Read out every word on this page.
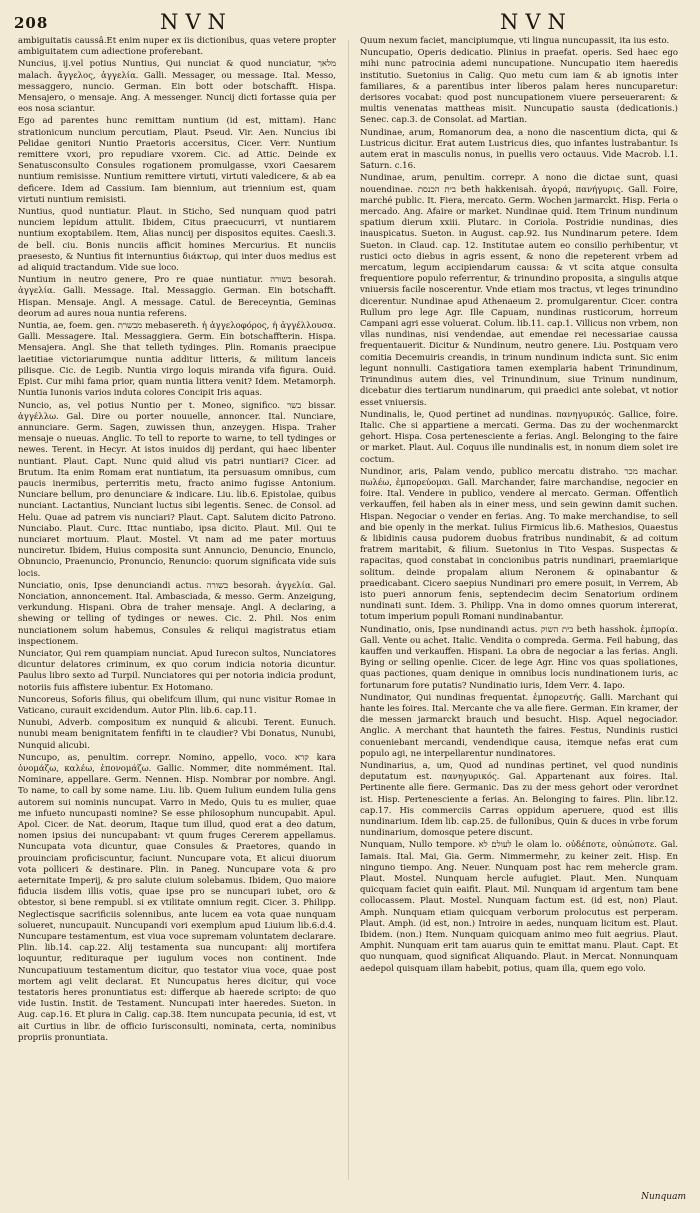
208	NVN	NVN

ambiguitatis caussâ.Et enim nuper ex iis dictionibus, quas vetere propter ambiguitatem cum adiectione proferebant.

Nuncius, ij.vel potius Nuntius, Qui nunciat & quod nunciatur, מלאך malach. ἄγγελος, ἀγγελία. Galli. Messager, ou message. Ital. Messo, messaggero, nuncio. German. Ein bott oder botschafft. Hispa. Mensajero, o mensaje. Ang. A messenger. Nuncij dicti fortasse quia per eos nosa sciantur.

Ego ad parentes hunc remittam nuntium (id est, mittam). Hanc strationicum nuncium percutiam, Plaut. Pseud. Vir. Aen. Nuncius ibi Pelidae genitori Nuntio Praetoris accersitus, Cicer. Verr. Nuntium remittere vxori, pro repudiare vxorem. Cic. ad Attic. Deinde ex Senatusconsulto Consules rogationem promulgasse, vxori Caesarem nuntium remisisse. Nuntium remittere virtuti, virtuti valedicere, & ab ea deficere. Idem ad Cassium. Iam biennium, aut triennium est, quam virtuti nuntium remisisti.

Nuntius, quod nuntiatur. Plaut. in Sticho, Sed nunquam quod patri nunciem lepidum attulit. Ibidem, Citus praecucurri, vt nuntiarem nuntium exoptabilem. Item, Alias nuncij per dispositos equites. Caesli.3. de bell. ciu. Bonis nunciis afficit homines Mercurius. Et nunciis praesesto, & Nuntius fit internuntius διάκτωρ, qui inter duos medius est ad aliquid tractandum. Vide sue loco.

Nuntium in neutro genere, Pro re quae nuntiatur. בשורה besorah. ἀγγελία. Galli. Message. Ital. Messaggio. German. Ein botschafft. Hispan. Mensaje. Angl. A message. Catul. de Bereceyntia, Geminas deorum ad aures noua nuntia referens.

Nuntia, ae, foem. gen. מבשרת mebasereth. ἡ ἀγγελοφόρος, ἡ ἀγγέλλουσα. Galli. Messagere. Ital. Messaggiera. Germ. Ein botschaffterin. Hispa. Mensajera. Angl. She that telleth tydinges. Plin. Romanis praecipue laetitiae victoriarumque nuntia additur litteris, & militum lanceis pilisque. Cic. de Legib. Nuntia virgo loquis miranda vifa figura. Ouid. Epist. Cur mihi fama prior, quam nuntia littera venit? Idem. Metamorph. Nuntia Iunonis varios induta colores Concipit Iris aquas.

Nuncio, as, vel potius Nuntio per t. Moneo, significo. בשר bissar. ἀγγέλλω. Gal. Dire ou porter nouuelle, annoncer. Ital. Nunciare, annunciare. Germ. Sagen, zuwissen thun, anzeygen. Hispa. Traher mensaje o nueuas. Anglic. To tell to reporte to warne, to tell tydinges or newes. Terent. in Hecyr. At istos inuidos dij perdant, qui haec libenter nuntiant. Plaut. Capt. Nunc quid aliud vis patri nuntiari? Cicer. ad Brutum. Ita enim Romam erat nuntiatum, ita persuasum omnibus, cum paucis inermibus, perterritis metu, fracto animo fugisse Antonium. Nunciare bellum, pro denunciare & indicare. Liu. lib.6. Epistolae, quibus nunciant. Lactantius, Nunciant luctus sibi legentis. Senec. de Consol. ad Helu. Quae ad patrem vis nunciari? Plaut. Capt. Salutem dicito Patrono. Nunciabo. Plaut. Curc. Ittac nuntiabo, ipsa dicito. Plaut. Mil. Qui te nunciaret mortuum. Plaut. Mostel. Vt nam ad me pater mortuus nunciretur. Ibidem, Huius composita sunt Annuncio, Denuncio, Enuncio, Obnuncio, Praenuncio, Pronuncio, Renuncio: quorum significata vide suis locis.

Nunciatio, onis, Ipse denunciandi actus. בשורה besorah. ἀγγελία. Gal. Nonciation, annoncement. Ital. Ambasciada, & messo. Germ. Anzeigung, verkundung. Hispani. Obra de traher mensaje. Angl. A declaring, a shewing or telling of tydinges or newes. Cic. 2. Phil. Nos enim nunciationem solum habemus, Consules & reliqui magistratus etiam inspectionem.

Nunciator, Qui rem quampiam nunciat. Apud Iurecon sultos, Nunciatores dicuntur delatores criminum, ex quo corum indicia notoria dicuntur. Paulus libro sexto ad Turpil. Nunciatores qui per notoria indicia produnt, notoriis fuis affistere iubentur. Ex Hotomano.

Nuncoreus, Soforis filius, qui obelifcum illum, qui nunc visitur Romae in Vaticano, curauit excidendum. Autor Plin. lib.6. cap.11.

Nunubi, Adverb. compositum ex nunquid & alicubi. Terent. Eunuch. nunubi meam benignitatem fenfifti in te claudier? Vbi Donatus, Nunubi, Nunquid alicubi.

Nuncupo, as, penultim. correpr. Nomino, appello, voco. קרא kara ὀνομάζω, καλέω, ἐπονομάζω. Gallic. Nommer, dite nommément. Ital. Nominare, appellare. Germ. Nennen. Hisp. Nombrar por nombre. Angl. To name, to call by some name. Liu. lib. Quem Iulium eundem Iulia gens autorem sui nominis nuncupat. Varro in Medo, Quis tu es mulier, quae me infueto nuncupasti nomine? Se esse philosophum nuncupabit. Apul. Apol. Cicer. de Nat. deorum, Itaque tum illud, quod erat a deo datum, nomen ipsius dei nuncupabant: vt quum fruges Cererem appellamus. Nuncupata vota dicuntur, quae Consules & Praetores, quando in prouinciam proficiscuntur, faciunt. Nuncupare vota, Et alicui diuorum vota polliceri & destinare. Plin. in Paneg. Nuncupare vota & pro aeternitate Imperij, & pro salute ciuium solebamus. Ibidem, Quo maiore fiducia iisdem illis votis, quae ipse pro se nuncupari iubet, oro & obtestor, si bene rempubl. si ex vtilitate omnium regit. Cicer. 3. Philipp. Neglectisque sacrificiis solennibus, ante lucem ea vota quae nunquam solueret, nuncupauit. Nuncupandi vori exemplum apud Liuium lib.6.d.4. Nuncupare testamentum, est viua voce supremam voluntatem declarare. Plin. lib.14. cap.22. Alij testamenta sua nuncupant: alij mortifera loquuntur, redituraque per iugulum voces non continent. Inde Nuncupatiuum testamentum dicitur, quo testator viua voce, quae post mortem agi velit declarat. Et Nuncupatus heres dicitur, qui voce testatoris heres pronuntiatus est: differque ab haerede scripto: de quo vide Iustin. Instit. de Testament. Nuncupati inter haeredes. Sueton. in Aug. cap.16. Et plura in Calig. cap.38. Item nuncupata pecunia, id est, vt ait Curtius in libr. de officio Iurisconsulti, nominata, certa, nominibus propriis pronuntiata.

Quum nexum faciet, mancipiumque, vti lingua nuncupassit, ita ius esto.

Nuncupatio, Operis dedicatio. Plinius in praefat. operis. Sed haec ego mihi nunc patrocinia ademi nuncupatione. Nuncupatio item haeredis institutio. Suetonius in Calig. Quo metu cum iam & ab ignotis inter familiares, & a parentibus inter liberos palam heres nuncuparetur: derisores vocabat: quod post nuncupationem viuere perseuerarent: & multis venenatas mattheas misit. Nuncupatio sausta (dedicationis.) Senec. cap.3. de Consolat. ad Martian.

Nundinae, arum, Romanorum dea, a nono die nascentium dicta, qui & Lustricus dicitur. Erat autem Lustricus dies, quo infantes lustrabantur. Is autem erat in masculis nonus, in puellis vero octauus. Vide Macrob. l.1. Saturn. c.16.

Nundinae, arum, penultim. correpr. A nono die dictae sunt, quasi nouendinae. בית הכנסת beth hakkenisah. ἀγορά, πανήγυρις. Gall. Foire, marché public. It. Fiera, mercato. Germ. Wochen jarmarckt. Hisp. Feria o mercado. Ang. Afaire or market. Nundinae quid. Item Trinum nundinum spatium dierum xxiii. Plutarc. in Coriola. Postridie nundinas, dies inauspicatus. Sueton. in August. cap.92. Ius Nundinarum petere. Idem Sueton. in Claud. cap. 12. Institutae autem eo consilio perhibentur, vt rustici octo diebus in agris essent, & nono die repeterent vrbem ad mercatum, legum accipiendarum caussa: & vt scita atque consulta frequentiore populo referrentur, & trinundino proposita, a singulis atque vniuersis facile noscerentur. Vnde etiam mos tractus, vt leges trinundino dicerentur. Nundinae apud Athenaeum 2. promulgarentur. Cicer. contra Rullum pro lege Agr. Ille Capuam, nundinas rusticorum, horreum Campani agri esse voluerat. Colum. lib.11. cap.1. Villicus non vrbem, non vllas nundinas, nisi vendendae, aut emendae rei necessariae caussa frequentauerit. Dicitur & Nundinum, neutro genere. Liu. Postquam vero comitia Decemuiris creandis, in trinum nundinum indicta sunt. Sic enim legunt nonnulli. Castigatiora tamen exemplaria habent Trinundinum, Trinundinus autem dies, vel Trinundinum, siue Trinum nundinum, dicebatur dies tertiarum nundinarum, qui praedici ante solebat, vt notior esset vniuersis.

Nundinalis, le, Quod pertinet ad nundinas. πανηγυρικός. Gallice, foire. Italic. Che si appartiene a mercati. Germa. Das zu der wochenmarckt gehort. Hispa. Cosa pertenesciente a ferias. Angl. Belonging to the faire or market. Plaut. Aul. Coquus ille nundinalis est, in nonum diem solet ire coctum.

Nundinor, aris, Palam vendo, publico mercatu distraho. מכר machar. πωλέω, ἐμπορεύομαι. Gall. Marchander, faire marchandise, negocier en foire. Ital. Vendere in publico, vendere al mercato. German. Offentlich verkauffen, feil haben als in einer mess, und sein gewinn damit suchen. Hispan. Negociar o vender en ferias. Ang. To make merchandise, to sell and bie openly in the merkat. Iulius Firmicus lib.6. Mathesios, Quaestus & libidinis causa pudorem duobus fratribus nundinabit, & ad coitum fratrem maritabit, & filium. Suetonius in Tito Vespas. Suspectas & rapacitas, quod constabat in concionibus patris nundinari, praemiarique solitum. deinde propalam alium Neronem & opinabantur & praedicabant. Cicero saepius Nundinari pro emere posuit, in Verrem, Ab isto pueri annorum fenis, septendecim decim Senatorium ordinem nundinati sunt. Idem. 3. Philipp. Vna in domo omnes quorum intererat, totum imperium populi Romani nundinabantur.

Nundinatio, onis, Ipse nundinandi actus. בית השוק beth hasshok. ἐμπορία. Gall. Vente ou achet. Italic. Vendita o compreda. Germa. Feil habung, das kauffen und verkauffen. Hispani. La obra de negociar a las ferias. Angli. Bying or selling openlie. Cicer. de lege Agr. Hinc vos quas spoliationes, quas pactiones, quam denique in omnibus locis nundinationem iuris, ac fortunarum fore putatis? Nundinatio iuris, Idem Verr. 4. Iapo.

Nundinator, Qui nundinas frequentat. ἐμπορευτής. Galli. Marchant qui hante les foires. Ital. Mercante che va alle fiere. German. Ein kramer, der die messen jarmarckt brauch und besucht. Hisp. Aquel negociador. Anglic. A merchant that haunteth the faires. Festus, Nundinis rustici conueniebant mercandi, vendendique causa, itemque nefas erat cum populo agi, ne interpellarentur nundinatores.

Nundinarius, a, um, Quod ad nundinas pertinet, vel quod nundinis deputatum est. πανηγυρικός. Gal. Appartenant aux foires. Ital. Pertinente alle fiere. Germanic. Das zu der mess gehort oder verordnet ist. Hisp. Pertenesciente a ferias. An. Belonging to faires. Plin. libr.12. cap.17. His commerciis Carras oppidum aperuere, quod est illis nundinarium. Idem lib. cap.25. de fullonibus, Quin & duces in vrbe forum nundinarium, domosque petere discunt.

Nunquam, Nullo tempore. לעולם לא le olam lo. οὐδέποτε, οὐπώποτε. Gal. Iamais. Ital. Mai, Gia. Germ. Nimmermehr, zu keiner zeit. Hisp. En ninguno tiempo. Ang. Neuer. Nunquam post hac rem mehercle gram. Plaut. Mostel. Nunquam hercle aufugiet. Plaut. Men. Nunquam quicquam faciet quin eaifit. Plaut. Mil. Nunquam id argentum tam bene collocassem. Plaut. Mostel. Nunquam factum est. (id est, non) Plaut. Amph. Nunquam etiam quicquam verborum prolocutus est perperam. Plaut. Amph. (id est, non.) Introire in aedes, nunquam licitum est. Plaut. Ibidem. (non.) Item. Nunquam quicquam animo meo fuit aegrius. Plaut. Amphit. Nunquam erit tam auarus quin te emittat manu. Plaut. Capt. Et quo nunquam, quod significat Aliquando. Plaut. in Mercat. Nonnunquam aedepol quisquam illam habebit, potius, quam illa, quem ego volo.

Nunquam
